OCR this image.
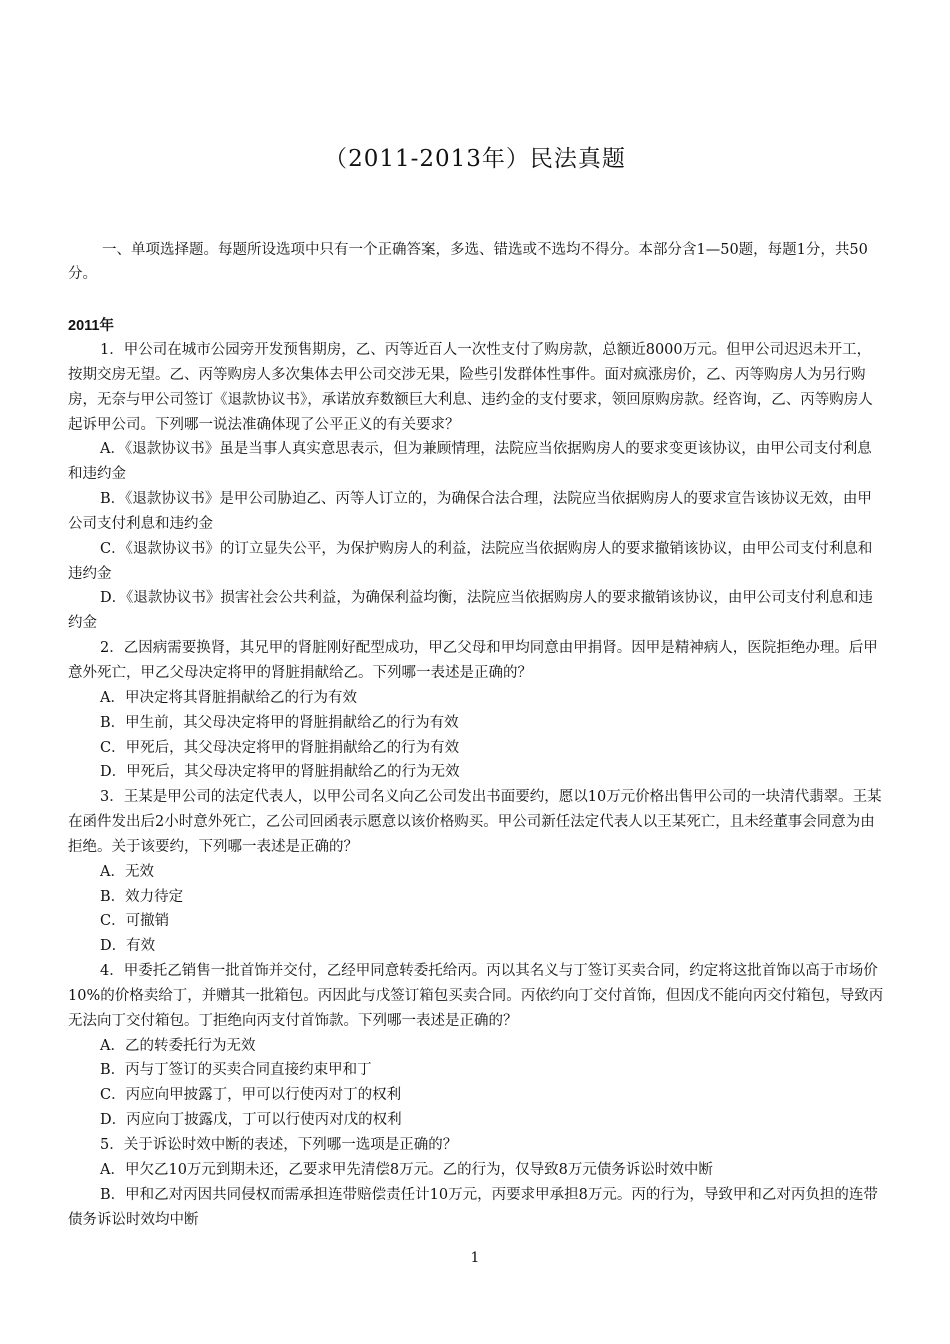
（2011-2013年）民法真题
一、单项选择题。每题所设选项中只有一个正确答案，多选、错选或不选均不得分。本部分含1—50题，每题1分，共50分。
2011年

1．甲公司在城市公园旁开发预售期房，乙、丙等近百人一次性支付了购房款，总额近8000万元。但甲公司迟迟未开工，按期交房无望。乙、丙等购房人多次集体去甲公司交涉无果，险些引发群体性事件。面对疯涨房价，乙、丙等购房人为另行购房，无奈与甲公司签订《退款协议书》，承诺放弃数额巨大利息、违约金的支付要求，领回原购房款。经咨询，乙、丙等购房人起诉甲公司。下列哪一说法准确体现了公平正义的有关要求？

A．《退款协议书》虽是当事人真实意思表示，但为兼顾情理，法院应当依据购房人的要求变更该协议，由甲公司支付利息和违约金

B．《退款协议书》是甲公司胁迫乙、丙等人订立的，为确保合法合理，法院应当依据购房人的要求宣告该协议无效，由甲公司支付利息和违约金

C．《退款协议书》的订立显失公平，为保护购房人的利益，法院应当依据购房人的要求撤销该协议，由甲公司支付利息和违约金

D．《退款协议书》损害社会公共利益，为确保利益均衡，法院应当依据购房人的要求撤销该协议，由甲公司支付利息和违约金

2．乙因病需要换肾，其兄甲的肾脏刚好配型成功，甲乙父母和甲均同意由甲捐肾。因甲是精神病人，医院拒绝办理。后甲意外死亡，甲乙父母决定将甲的肾脏捐献给乙。下列哪一表述是正确的？

A．甲决定将其肾脏捐献给乙的行为有效

B．甲生前，其父母决定将甲的肾脏捐献给乙的行为有效

C．甲死后，其父母决定将甲的肾脏捐献给乙的行为有效

D．甲死后，其父母决定将甲的肾脏捐献给乙的行为无效

3．王某是甲公司的法定代表人，以甲公司名义向乙公司发出书面要约，愿以10万元价格出售甲公司的一块清代翡翠。王某在函件发出后2小时意外死亡，乙公司回函表示愿意以该价格购买。甲公司新任法定代表人以王某死亡，且未经董事会同意为由拒绝。关于该要约，下列哪一表述是正确的？

A．无效

B．效力待定

C．可撤销

D．有效

4．甲委托乙销售一批首饰并交付，乙经甲同意转委托给丙。丙以其名义与丁签订买卖合同，约定将这批首饰以高于市场价10%的价格卖给丁，并赠其一批箱包。丙因此与戊签订箱包买卖合同。丙依约向丁交付首饰，但因戊不能向丙交付箱包，导致丙无法向丁交付箱包。丁拒绝向丙支付首饰款。下列哪一表述是正确的？

A．乙的转委托行为无效

B．丙与丁签订的买卖合同直接约束甲和丁

C．丙应向甲披露丁，甲可以行使丙对丁的权利

D．丙应向丁披露戊，丁可以行使丙对戊的权利

5．关于诉讼时效中断的表述，下列哪一选项是正确的？

A．甲欠乙10万元到期未还，乙要求甲先清偿8万元。乙的行为，仅导致8万元债务诉讼时效中断

B．甲和乙对丙因共同侵权而需承担连带赔偿责任计10万元，丙要求甲承担8万元。丙的行为，导致甲和乙对丙负担的连带债务诉讼时效均中断

1
